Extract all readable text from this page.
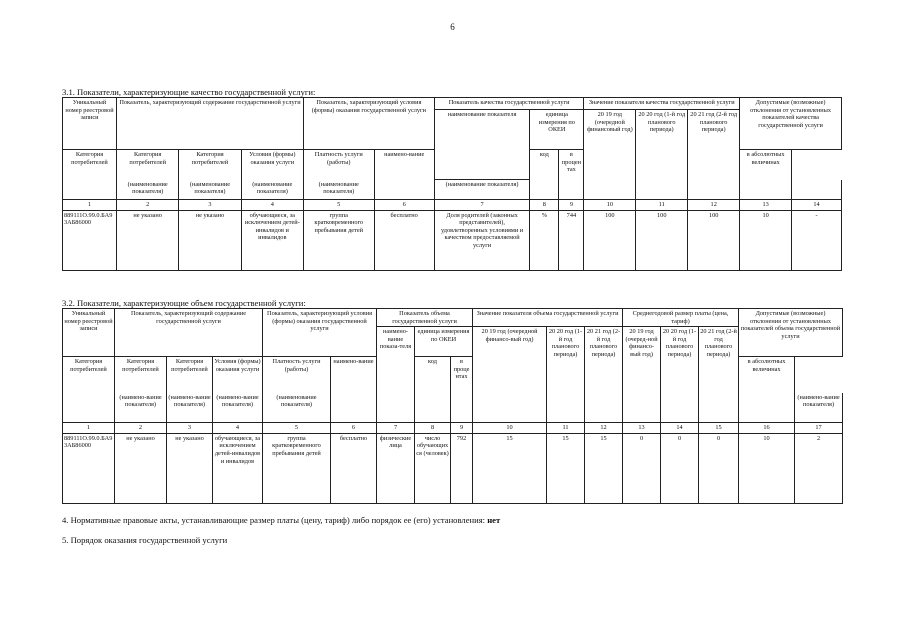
6
3.1. Показатели, характеризующие качество государственной услуги:
Уникальный номер реестровой записи	Показатель, характеризующий содержание государственной услуги			Показатель, характеризующий условия (формы) оказания государственной услуги		Показатель качества государственной услуги			Значение показателя качества государственной услуги			Допустимые (возможные) отклонения от установленных показателей качества государственной услуги	
						наименование показателя	единица измерения по ОКЕИ		20 19 год (очередной финансовый год)	20 20 год (1-й год планового периода)	20 21 год (2-й год планового периода)		
Категория потребителей	Категория потребителей	Категория потребителей	Условия (формы) оказания услуги	Платность услуги (работы)	наимено-вание		код	в процентах				в абсолютных величинах	
	(наименование показателя)	(наименование показателя)	(наименование показателя)	(наименование показателя)		(наименование показателя)							
1	2	3	4	5	6	7	8	9	10	11	12	13	14
889111О.99.0.БА93АБ86000	не указано	не указано	обучающиеся, за исключением детей-инвалидов и инвалидов	группа кратковременного пребывания детей	бесплатно	Доля родителей (законных представителей), удовлетворенных условиями и качеством предоставляемой услуги	%	744	100	100	100	10	-
3.2. Показатели, характеризующие объем государственной услуги:
Уникальный номер реестровой записи	Показатель, характеризующий содержание государственной услуги			Показатель, характеризующий условия (формы) оказания государственной услуги		Показатель объема государственной услуги			Значение показателя объема государственной услуги			Среднегодовой размер платы (цена, тариф)			Допустимые (возможные) отклонения от установленных показателей объема государственной услуги	
						наимено-вание показа-теля	единица измерения по ОКЕИ		20 19 год (очередной финансо-вый год)	20 20 год (1-й год планового периода)	20 21 год (2-й год планового периода)	20 19 год (очеред-ной финансо-вый год)	20 20 год (1-й год планового периода)	20 21 год (2-й год планового периода)		
Категория потребителей	Категория потребителей	Категория потребителей	Условия (формы) оказания услуги	Платность услуги (работы)	наимено-вание		код	в процентах							в абсолютных величинах	
	(наимено-вание показателя)	(наимено-вание показателя)	(наимено-вание показателя)	(наименование показателя)												(наимено-вание показателя)
1	2	3	4	5	6	7	8	9	10	11	12	13	14	15	16	17
889111О.99.0.БА93АБ86000	не указано	не указано	обучающиеся, за исключением детей-инвалидов и инвалидов	группа кратковременного пребывания детей	бесплатно	физические лица	число обучающихся (человек)	792	15	15	15	0	0	0	10	2
4. Нормативные правовые акты, устанавливающие размер платы (цену, тариф) либо порядок ее (его) установления: нет
5. Порядок оказания государственной услуги
